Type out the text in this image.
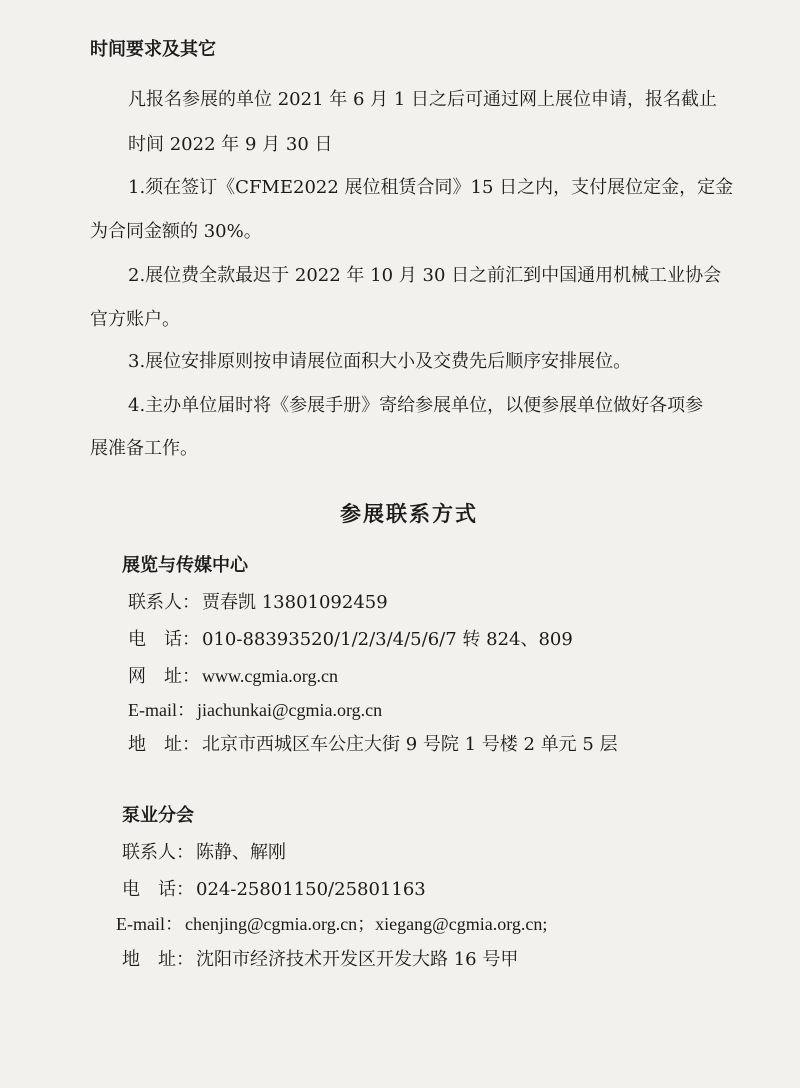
时间要求及其它
凡报名参展的单位 2021 年 6 月 1 日之后可通过网上展位申请，报名截止
时间 2022 年 9 月 30 日
1.须在签订《CFME2022 展位租赁合同》15 日之内，支付展位定金，定金
为合同金额的 30%。
2.展位费全款最迟于 2022 年 10 月 30 日之前汇到中国通用机械工业协会
官方账户。
3.展位安排原则按申请展位面积大小及交费先后顺序安排展位。
4.主办单位届时将《参展手册》寄给参展单位，以便参展单位做好各项参
展准备工作。
参展联系方式
展览与传媒中心
联系人： 贾春凯 13801092459
电　话： 010-88393520/1/2/3/4/5/6/7 转 824、809
网　址： www.cgmia.org.cn
E-mail： jiachunkai@cgmia.org.cn
地　址： 北京市西城区车公庄大街 9 号院 1 号楼 2 单元 5 层
泵业分会
联系人： 陈静、解刚
电　话： 024-25801150/25801163
E-mail： chenjing@cgmia.org.cn；xiegang@cgmia.org.cn;
地　址： 沈阳市经济技术开发区开发大路 16 号甲
